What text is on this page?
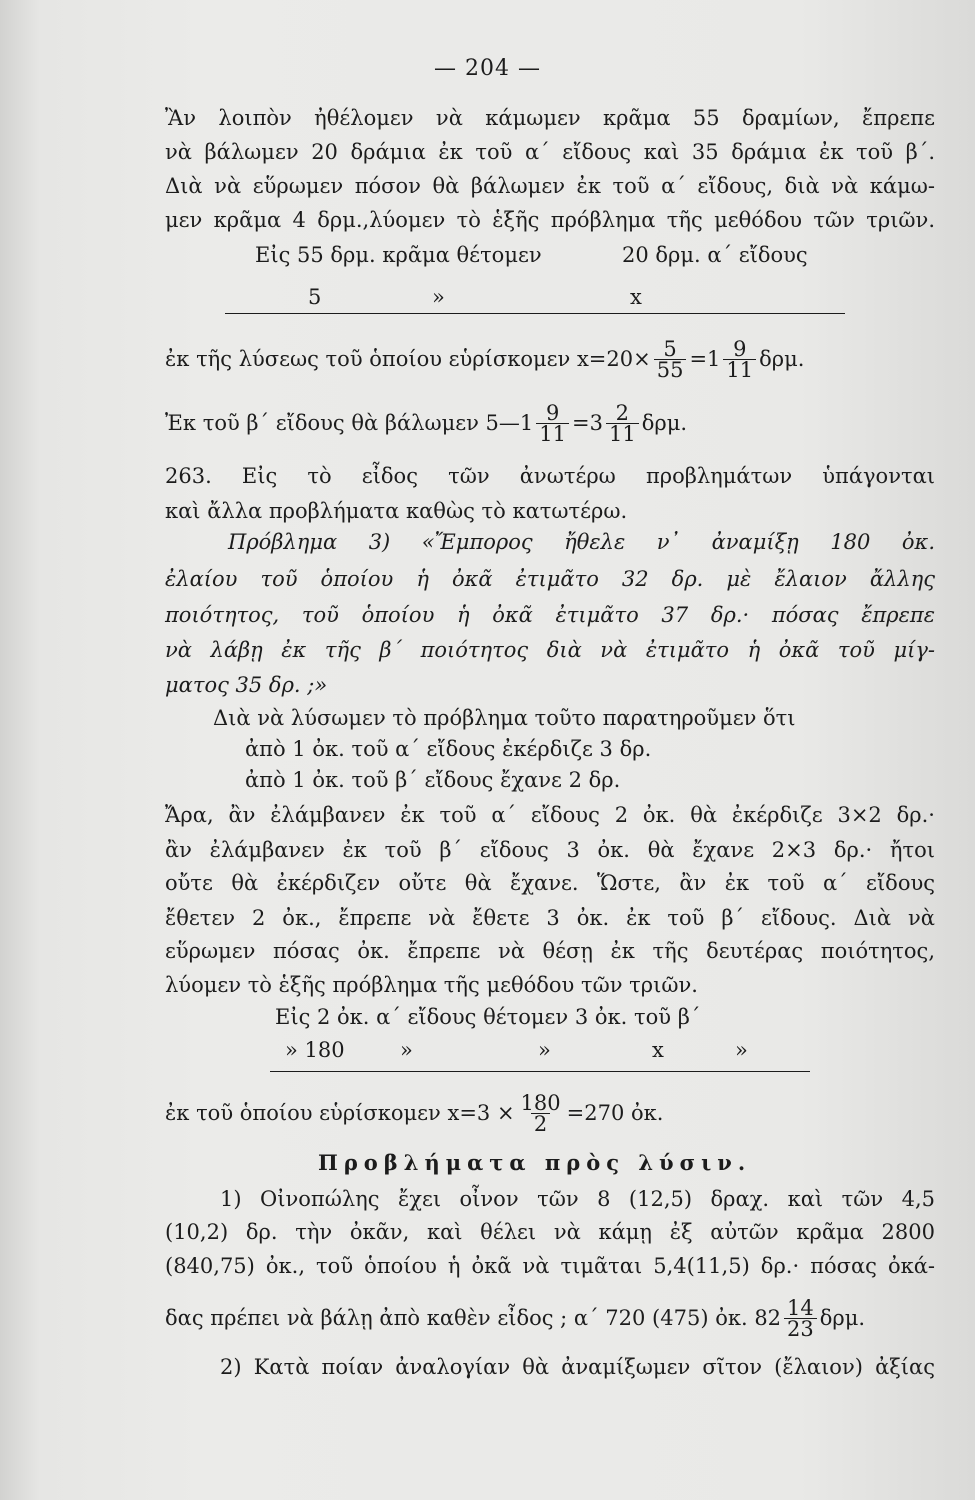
— 204 —
Ἂν λοιπὸν ἠθέλομεν νὰ κάμωμεν κρᾶμα 55 δραμίων, ἔπρεπε
νὰ βάλωμεν 20 δράμια ἐκ τοῦ α΄ εἴδους καὶ 35 δράμια ἐκ τοῦ β΄.
Διὰ νὰ εὕρωμεν πόσον θὰ βάλωμεν ἐκ τοῦ α΄ εἴδους, διὰ νὰ κάμω-
μεν κρᾶμα 4 δρμ.,λύομεν τὸ ἑξῆς πρόβλημα τῆς μεθόδου τῶν τριῶν.
Εἰς 55 δρμ. κρᾶμα θέτομεν	20 δρμ. α΄ εἴδους
5	»	x
ἐκ τῆς λύσεως τοῦ ὁποίου εὑρίσκομεν $x=20\times \frac{5}{55} =1 \frac{9}{11} \delta\rho\mu$.
Ἐκ τοῦ β΄ εἴδους θὰ βάλωμεν 5—1 $\frac{9}{11} =3 \frac{2}{11} \delta\rho\mu$.
263. Εἰς τὸ εἶδος τῶν ἀνωτέρω προβλημάτων ὑπάγονται
καὶ ἄλλα προβλήματα καθὼς τὸ κατωτέρω.
Πρόβλημα 3) «Ἔμπορος ἤθελε ν᾿ ἀναμίξῃ 180 ὀκ.
ἐλαίου τοῦ ὁποίου ἡ ὀκᾶ ἐτιμᾶτο 32 δρ. μὲ ἔλαιον ἄλλης
ποιότητος, τοῦ ὁποίου ἡ ὀκᾶ ἐτιμᾶτο 37 δρ.· πόσας ἔπρεπε
νὰ λάβῃ ἐκ τῆς β΄ ποιότητος διὰ νὰ ἐτιμᾶτο ἡ ὀκᾶ τοῦ μίγ-
ματος 35 δρ. ;»
Διὰ νὰ λύσωμεν τὸ πρόβλημα τοῦτο παρατηροῦμεν ὅτι
ἀπὸ 1 ὀκ. τοῦ α΄ εἴδους ἐκέρδιζε 3 δρ.
ἀπὸ 1 ὀκ. τοῦ β΄ εἴδους ἔχανε 2 δρ.
Ἄρα, ἂν ἐλάμβανεν ἐκ τοῦ α΄ εἴδους 2 ὀκ. θὰ ἐκέρδιζε 3×2 δρ.·
ἂν ἐλάμβανεν ἐκ τοῦ β΄ εἴδους 3 ὀκ. θὰ ἔχανε 2×3 δρ.· ἤτοι
οὔτε θὰ ἐκέρδιζεν οὔτε θὰ ἔχανε. Ὥστε, ἂν ἐκ τοῦ α΄ εἴδους
ἔθετεν 2 ὀκ., ἔπρεπε νὰ ἔθετε 3 ὀκ. ἐκ τοῦ β΄ εἴδους. Διὰ νὰ
εὕρωμεν πόσας ὀκ. ἔπρεπε νὰ θέσῃ ἐκ τῆς δευτέρας ποιότητος,
λύομεν τὸ ἑξῆς πρόβλημα τῆς μεθόδου τῶν τριῶν.
Εἰς 2 ὀκ. α΄ εἴδους θέτομεν 3 ὀκ. τοῦ β΄
» 180	»	»	x	»
ἐκ τοῦ ὁποίου εὑρίσκομεν $x=3 \times \frac{180}{2} =270$ ὀκ.
Προβλήματα πρὸς λύσιν.
1) Οἰνοπώλης ἔχει οἶνον τῶν 8 (12,5) δραχ. καὶ τῶν 4,5
(10,2) δρ. τὴν ὀκᾶν, καὶ θέλει νὰ κάμῃ ἐξ αὐτῶν κρᾶμα 2800
(840,75) ὀκ., τοῦ ὁποίου ἡ ὀκᾶ νὰ τιμᾶται 5,4(11,5) δρ.· πόσας ὀκά-
δας πρέπει νὰ βάλῃ ἀπὸ καθὲν εἶδος ; α΄ 720 (475) ὀκ. $82 \frac{14}{23} \delta\rho\mu$.
2) Κατὰ ποίαν ἀναλογίαν θὰ ἀναμίξωμεν σῖτον (ἔλαιον) ἀξίας
